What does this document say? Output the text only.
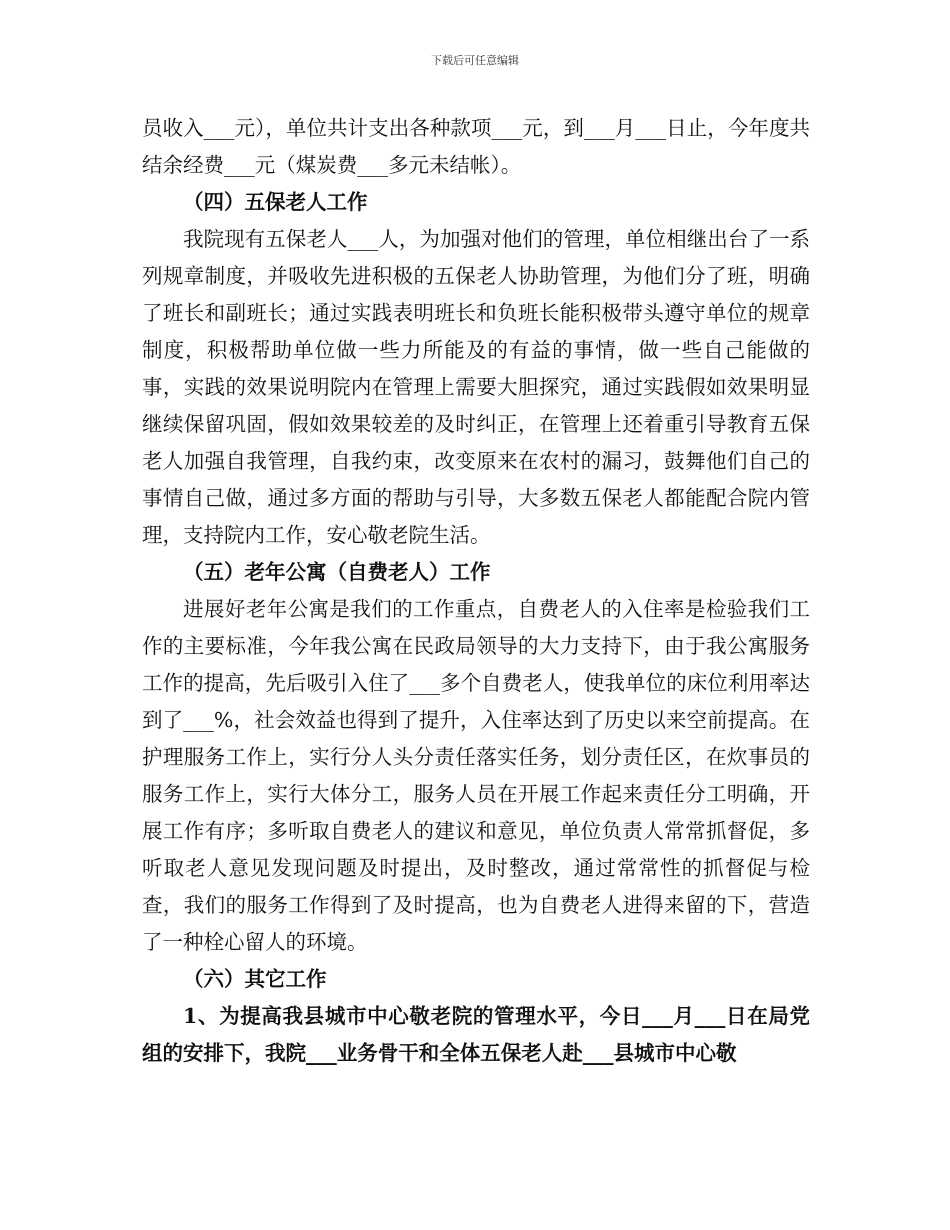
下载后可任意编辑

员收入___元），单位共计支出各种款项___元，到___月___日止，今年度共结余经费___元（煤炭费___多元未结帐）。

（四）五保老人工作

我院现有五保老人___人，为加强对他们的管理，单位相继出台了一系列规章制度，并吸收先进积极的五保老人协助管理，为他们分了班，明确了班长和副班长；通过实践表明班长和负班长能积极带头遵守单位的规章制度，积极帮助单位做一些力所能及的有益的事情，做一些自己能做的事，实践的效果说明院内在管理上需要大胆探究，通过实践假如效果明显继续保留巩固，假如效果较差的及时纠正，在管理上还着重引导教育五保老人加强自我管理，自我约束，改变原来在农村的漏习，鼓舞他们自己的事情自己做，通过多方面的帮助与引导，大多数五保老人都能配合院内管理，支持院内工作，安心敬老院生活。

（五）老年公寓（自费老人）工作

进展好老年公寓是我们的工作重点，自费老人的入住率是检验我们工作的主要标准，今年我公寓在民政局领导的大力支持下，由于我公寓服务工作的提高，先后吸引入住了___多个自费老人，使我单位的床位利用率达到了___%，社会效益也得到了提升，入住率达到了历史以来空前提高。在护理服务工作上，实行分人头分责任落实任务，划分责任区，在炊事员的服务工作上，实行大体分工，服务人员在开展工作起来责任分工明确，开展工作有序；多听取自费老人的建议和意见，单位负责人常常抓督促，多听取老人意见发现问题及时提出，及时整改，通过常常性的抓督促与检查，我们的服务工作得到了及时提高，也为自费老人进得来留的下，营造了一种栓心留人的环境。

（六）其它工作

1、为提高我县城市中心敬老院的管理水平，今日___月___日在局党组的安排下，我院___业务骨干和全体五保老人赴___县城市中心敬
